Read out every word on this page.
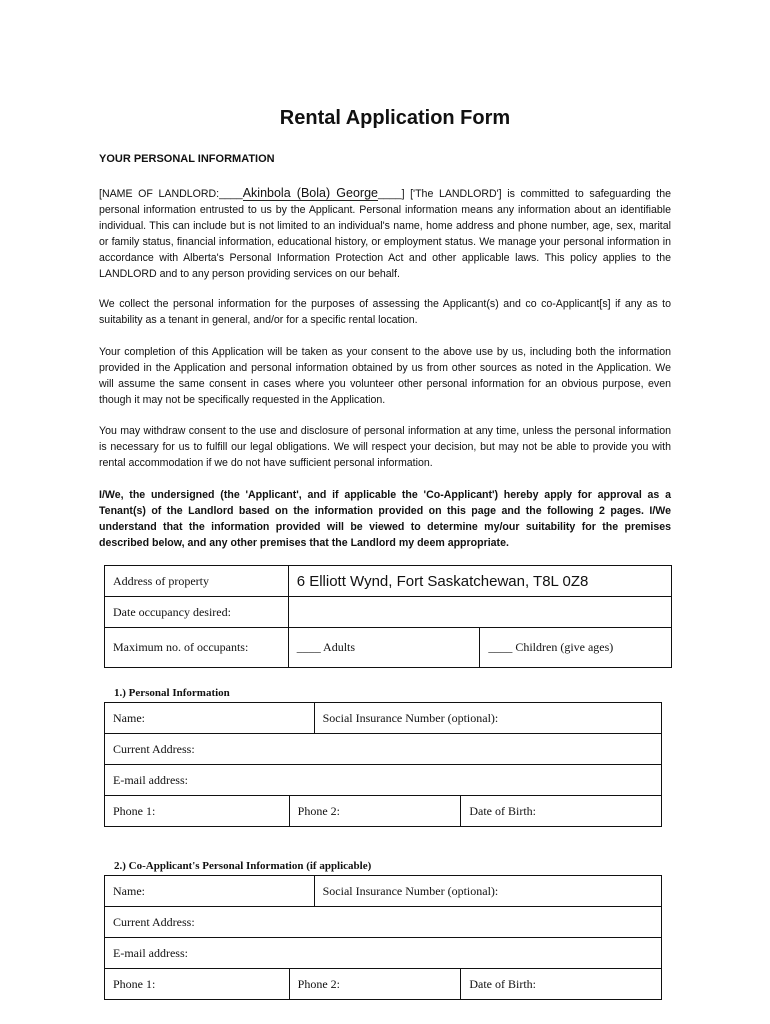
Rental Application Form

YOUR PERSONAL INFORMATION

[NAME OF LANDLORD:____Akinbola (Bola) George____] ['The LANDLORD'] is committed to safeguarding the personal information entrusted to us by the Applicant. Personal information means any information about an identifiable individual. This can include but is not limited to an individual's name, home address and phone number, age, sex, marital or family status, financial information, educational history, or employment status. We manage your personal information in accordance with Alberta's Personal Information Protection Act and other applicable laws. This policy applies to the LANDLORD and to any person providing services on our behalf.

We collect the personal information for the purposes of assessing the Applicant(s) and co co-Applicant[s] if any as to suitability as a tenant in general, and/or for a specific rental location.

Your completion of this Application will be taken as your consent to the above use by us, including both the information provided in the Application and personal information obtained by us from other sources as noted in the Application. We will assume the same consent in cases where you volunteer other personal information for an obvious purpose, even though it may not be specifically requested in the Application.

You may withdraw consent to the use and disclosure of personal information at any time, unless the personal information is necessary for us to fulfill our legal obligations. We will respect your decision, but may not be able to provide you with rental accommodation if we do not have sufficient personal information.

I/We, the undersigned (the 'Applicant', and if applicable the 'Co-Applicant') hereby apply for approval as a Tenant(s) of the Landlord based on the information provided on this page and the following 2 pages. I/We understand that the information provided will be viewed to determine my/our suitability for the premises described below, and any other premises that the Landlord my deem appropriate.

Address of property	6 Elliott Wynd, Fort Saskatchewan, T8L 0Z8	
Date occupancy desired:		
Maximum no. of occupants:	____ Adults	____ Children (give ages)
1.) Personal Information
Name:		Social Insurance Number (optional):	
Current Address:			
E-mail address:			
Phone 1:	Phone 2:		Date of Birth:
2.) Co-Applicant's Personal Information (if applicable)
Name:		Social Insurance Number (optional):	
Current Address:			
E-mail address:			
Phone 1:	Phone 2:		Date of Birth:
